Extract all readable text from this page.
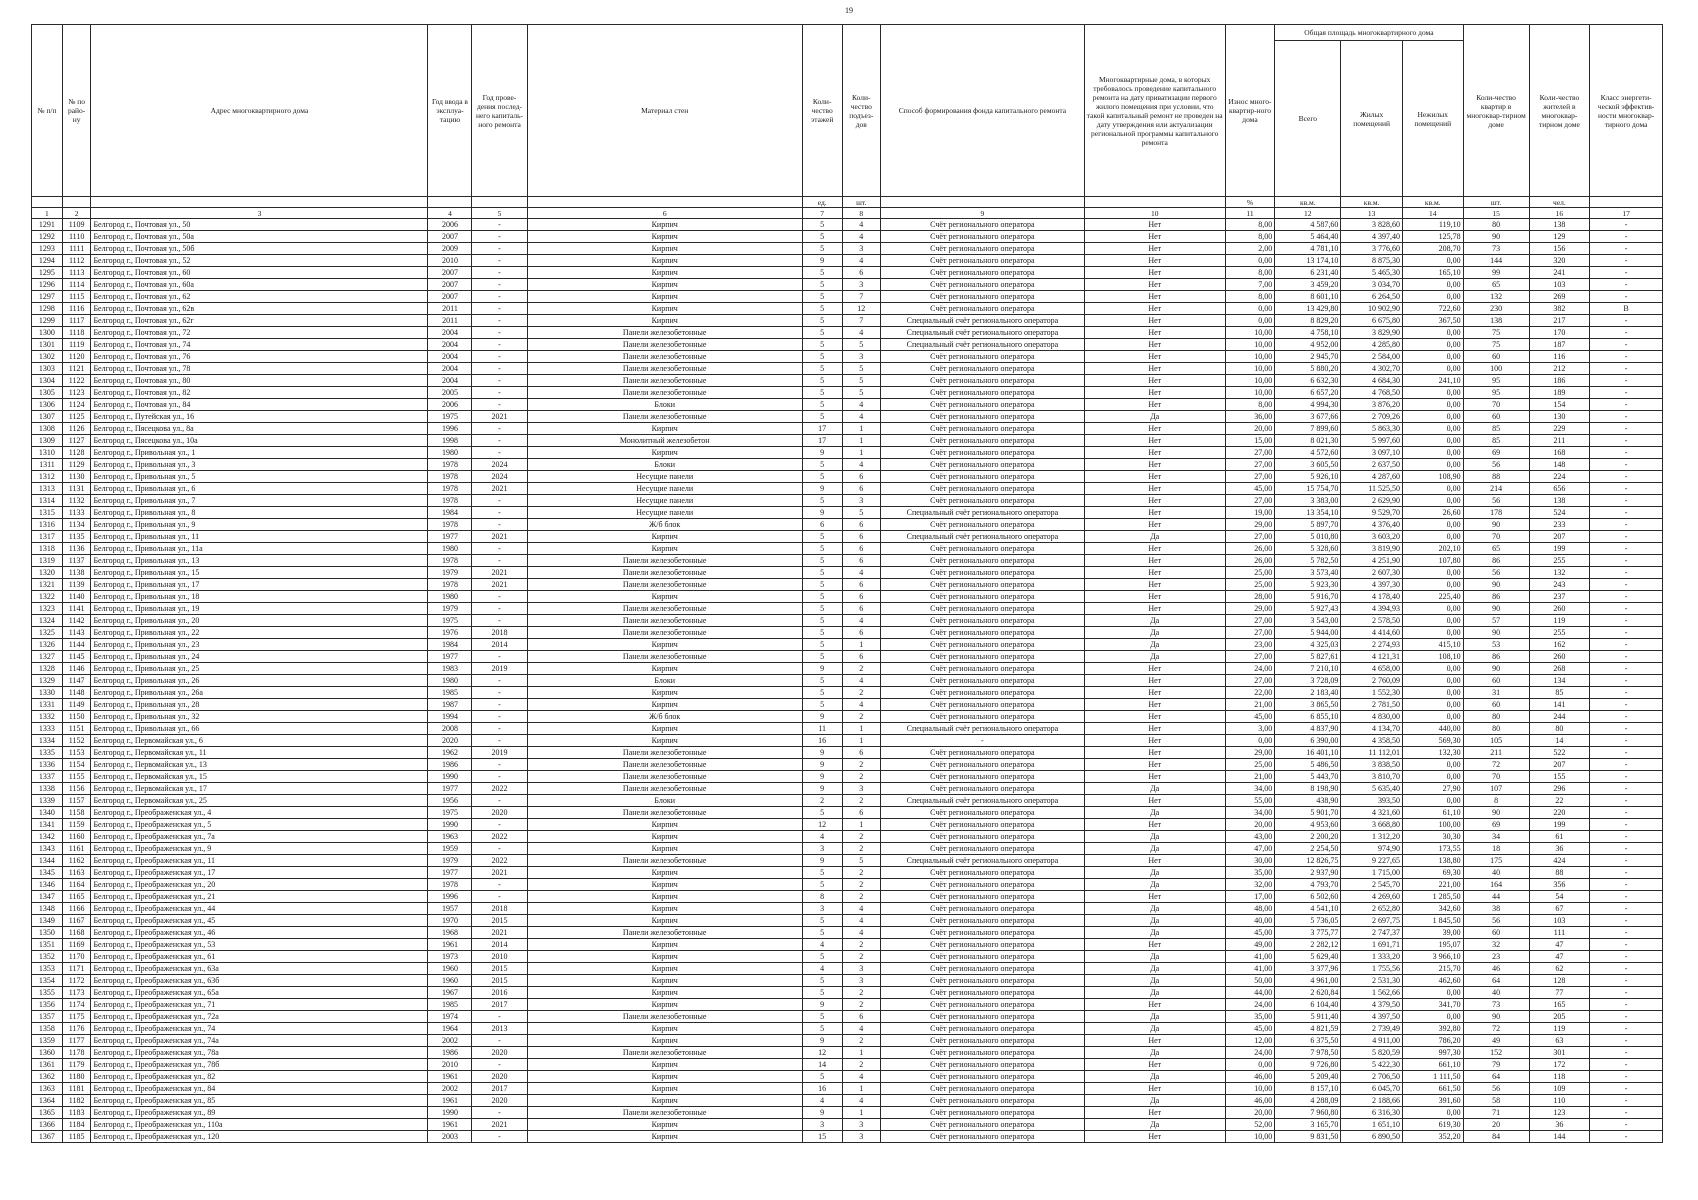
19
№ п/п	№ по райо-ну	Адрес многоквартирного дома	Год ввода в эксплуа-тацию	Год прове-дения послед-него капиталь-ного ремонта	Материал стен	Коли-чество этажей	Коли-чество подъез-дов	Способ формирования фонда капитального ремонта	Многоквартирные дома, в которых требовалось проведение капитального ремонта на дату приватизации первого жилого помещения при условии, что такой капитальный ремонт не проведен на дату утверждения или актуализации региональной программы капитального ремонта	Износ много-квартир-ного дома	Общая площадь многоквартирного дома			Коли-чество квартир в многоквар-тирном доме	Коли-чество жителей в многоквар-тирном доме	Класс энергети-ческой эффектив-ности многоквар-тирного дома
											Всего	Жилых помещений	Нежилых помещений			
						ед.	шт.			%	кв.м.	кв.м.	кв.м.	шт.	чел.	
1	2	3	4	5	6	7	8	9	10	11	12	13	14	15	16	17
1291	1109	Белгород г., Почтовая ул., 50	2006	-	Кирпич	5	4	Счёт регионального оператора	Нет	8,00	4 587,60	3 828,60	119,10	80	138	-
1292	1110	Белгород г., Почтовая ул., 50а	2007	-	Кирпич	5	4	Счёт регионального оператора	Нет	8,00	5 464,40	4 397,40	125,78	90	129	-
1293	1111	Белгород г., Почтовая ул., 50б	2009	-	Кирпич	5	3	Счёт регионального оператора	Нет	2,00	4 781,10	3 776,60	208,70	73	156	-
1294	1112	Белгород г., Почтовая ул., 52	2010	-	Кирпич	9	4	Счёт регионального оператора	Нет	0,00	13 174,10	8 875,30	0,00	144	320	-
1295	1113	Белгород г., Почтовая ул., 60	2007	-	Кирпич	5	6	Счёт регионального оператора	Нет	8,00	6 231,40	5 465,30	165,10	99	241	-
1296	1114	Белгород г., Почтовая ул., 60а	2007	-	Кирпич	5	3	Счёт регионального оператора	Нет	7,00	3 459,20	3 034,70	0,00	65	103	-
1297	1115	Белгород г., Почтовая ул., 62	2007	-	Кирпич	5	7	Счёт регионального оператора	Нет	8,00	8 601,10	6 264,50	0,00	132	269	-
1298	1116	Белгород г., Почтовая ул., 62в	2011	-	Кирпич	5	12	Счёт регионального оператора	Нет	0,00	13 429,80	10 902,90	722,60	230	382	В
1299	1117	Белгород г., Почтовая ул., 62г	2011	-	Кирпич	5	7	Специальный счёт регионального оператора	Нет	0,00	8 829,20	6 675,80	367,50	138	217	-
1300	1118	Белгород г., Почтовая ул., 72	2004	-	Панели железобетонные	5	4	Специальный счёт регионального оператора	Нет	10,00	4 758,10	3 829,90	0,00	75	170	-
1301	1119	Белгород г., Почтовая ул., 74	2004	-	Панели железобетонные	5	5	Специальный счёт регионального оператора	Нет	10,00	4 952,00	4 285,80	0,00	75	187	-
1302	1120	Белгород г., Почтовая ул., 76	2004	-	Панели железобетонные	5	3	Счёт регионального оператора	Нет	10,00	2 945,70	2 584,00	0,00	60	116	-
1303	1121	Белгород г., Почтовая ул., 78	2004	-	Панели железобетонные	5	5	Счёт регионального оператора	Нет	10,00	5 880,20	4 302,70	0,00	100	212	-
1304	1122	Белгород г., Почтовая ул., 80	2004	-	Панели железобетонные	5	5	Счёт регионального оператора	Нет	10,00	6 632,30	4 684,30	241,10	95	186	-
1305	1123	Белгород г., Почтовая ул., 82	2005	-	Панели железобетонные	5	5	Счёт регионального оператора	Нет	10,00	6 657,20	4 768,50	0,00	95	189	-
1306	1124	Белгород г., Почтовая ул., 84	2006	-	Блоки	5	4	Счёт регионального оператора	Нет	8,00	4 994,30	3 876,20	0,00	70	154	-
1307	1125	Белгород г., Путейская ул., 16	1975	2021	Панели железобетонные	5	4	Счёт регионального оператора	Да	36,00	3 677,66	2 709,26	0,00	60	130	-
1308	1126	Белгород г., Пясецкова ул., 8а	1996	-	Кирпич	17	1	Счёт регионального оператора	Нет	20,00	7 899,60	5 863,30	0,00	85	229	-
1309	1127	Белгород г., Пясецкова ул., 10а	1998	-	Монолитный железобетон	17	1	Счёт регионального оператора	Нет	15,00	8 021,30	5 997,60	0,00	85	211	-
1310	1128	Белгород г., Привольная ул., 1	1980	-	Кирпич	9	1	Счёт регионального оператора	Нет	27,00	4 572,60	3 097,10	0,00	69	168	-
1311	1129	Белгород г., Привольная ул., 3	1978	2024	Блоки	5	4	Счёт регионального оператора	Нет	27,00	3 605,50	2 637,50	0,00	56	148	-
1312	1130	Белгород г., Привольная ул., 5	1978	2024	Несущие панели	5	6	Счёт регионального оператора	Нет	27,00	5 926,10	4 287,60	108,90	88	224	-
1313	1131	Белгород г., Привольная ул., 6	1978	2021	Несущие панели	9	6	Счёт регионального оператора	Нет	45,00	15 754,70	11 525,50	0,00	214	656	-
1314	1132	Белгород г., Привольная ул., 7	1978	-	Несущие панели	5	3	Счёт регионального оператора	Нет	27,00	3 383,00	2 629,90	0,00	56	138	-
1315	1133	Белгород г., Привольная ул., 8	1984	-	Несущие панели	9	5	Специальный счёт регионального оператора	Нет	19,00	13 354,10	9 529,70	26,60	178	524	-
1316	1134	Белгород г., Привольная ул., 9	1978	-	Ж/б блок	6	6	Счёт регионального оператора	Нет	29,00	5 897,70	4 376,40	0,00	90	233	-
1317	1135	Белгород г., Привольная ул., 11	1977	2021	Кирпич	5	6	Специальный счёт регионального оператора	Да	27,00	5 010,80	3 603,20	0,00	70	207	-
1318	1136	Белгород г., Привольная ул., 11а	1980	-	Кирпич	5	6	Счёт регионального оператора	Нет	26,00	5 328,60	3 819,90	202,10	65	199	-
1319	1137	Белгород г., Привольная ул., 13	1978	-	Панели железобетонные	5	6	Счёт регионального оператора	Нет	26,00	5 782,50	4 251,90	107,80	86	255	-
1320	1138	Белгород г., Привольная ул., 15	1979	2021	Панели железобетонные	5	4	Счёт регионального оператора	Нет	25,00	3 573,40	2 607,30	0,00	56	132	-
1321	1139	Белгород г., Привольная ул., 17	1978	2021	Панели железобетонные	5	6	Счёт регионального оператора	Нет	25,00	5 923,30	4 397,30	0,00	90	243	-
1322	1140	Белгород г., Привольная ул., 18	1980	-	Кирпич	5	6	Счёт регионального оператора	Нет	28,00	5 916,70	4 178,40	225,40	86	237	-
1323	1141	Белгород г., Привольная ул., 19	1979	-	Панели железобетонные	5	6	Счёт регионального оператора	Нет	29,00	5 927,43	4 394,93	0,00	90	260	-
1324	1142	Белгород г., Привольная ул., 20	1975	-	Панели железобетонные	5	4	Счёт регионального оператора	Да	27,00	3 543,00	2 578,50	0,00	57	119	-
1325	1143	Белгород г., Привольная ул., 22	1976	2018	Панели железобетонные	5	6	Счёт регионального оператора	Да	27,00	5 944,00	4 414,60	0,00	90	255	-
1326	1144	Белгород г., Привольная ул., 23	1984	2014	Кирпич	5	1	Счёт регионального оператора	Да	23,00	4 325,03	2 274,93	415,10	53	162	-
1327	1145	Белгород г., Привольная ул., 24	1977	-	Панели железобетонные	5	6	Счёт регионального оператора	Да	27,00	5 827,61	4 121,31	108,10	86	260	-
1328	1146	Белгород г., Привольная ул., 25	1983	2019	Кирпич	9	2	Счёт регионального оператора	Нет	24,00	7 210,10	4 658,00	0,00	90	268	-
1329	1147	Белгород г., Привольная ул., 26	1980	-	Блоки	5	4	Счёт регионального оператора	Нет	27,00	3 728,09	2 760,09	0,00	60	134	-
1330	1148	Белгород г., Привольная ул., 26а	1985	-	Кирпич	5	2	Счёт регионального оператора	Нет	22,00	2 183,40	1 552,30	0,00	31	85	-
1331	1149	Белгород г., Привольная ул., 28	1987	-	Кирпич	5	4	Счёт регионального оператора	Нет	21,00	3 865,50	2 781,50	0,00	60	141	-
1332	1150	Белгород г., Привольная ул., 32	1994	-	Ж/б блок	9	2	Счёт регионального оператора	Нет	45,00	6 855,10	4 830,00	0,00	80	244	-
1333	1151	Белгород г., Привольная ул., 66	2008	-	Кирпич	11	1	Специальный счёт регионального оператора	Нет	3,00	4 837,90	4 134,70	440,00	80	80	-
1334	1152	Белгород г., Первомайская ул., 6	2020	-	Кирпич	16	1	-	Нет	0,00	6 390,00	4 358,50	569,30	105	14	-
1335	1153	Белгород г., Первомайская ул., 11	1962	2019	Панели железобетонные	9	6	Счёт регионального оператора	Нет	29,00	16 401,10	11 112,01	132,30	211	522	-
1336	1154	Белгород г., Первомайская ул., 13	1986	-	Панели железобетонные	9	2	Счёт регионального оператора	Нет	25,00	5 486,50	3 838,50	0,00	72	207	-
1337	1155	Белгород г., Первомайская ул., 15	1990	-	Панели железобетонные	9	2	Счёт регионального оператора	Нет	21,00	5 443,70	3 810,70	0,00	70	155	-
1338	1156	Белгород г., Первомайская ул., 17	1977	2022	Панели железобетонные	9	3	Счёт регионального оператора	Да	34,00	8 198,90	5 635,40	27,90	107	296	-
1339	1157	Белгород г., Первомайская ул., 25	1956	-	Блоки	2	2	Специальный счёт регионального оператора	Нет	55,00	438,90	393,50	0,00	8	22	-
1340	1158	Белгород г., Преображенская ул., 4	1975	2020	Панели железобетонные	5	6	Счёт регионального оператора	Да	34,00	5 901,70	4 321,60	61,10	90	220	-
1341	1159	Белгород г., Преображенская ул., 5	1990	-	Кирпич	12	1	Счёт регионального оператора	Нет	20,00	4 953,60	3 668,80	100,00	69	199	-
1342	1160	Белгород г., Преображенская ул., 7а	1963	2022	Кирпич	4	2	Счёт регионального оператора	Да	43,00	2 200,20	1 312,20	30,30	34	61	-
1343	1161	Белгород г., Преображенская ул., 9	1959	-	Кирпич	3	2	Счёт регионального оператора	Да	47,00	2 254,50	974,90	173,55	18	36	-
1344	1162	Белгород г., Преображенская ул., 11	1979	2022	Панели железобетонные	9	5	Специальный счёт регионального оператора	Нет	30,00	12 826,75	9 227,65	138,80	175	424	-
1345	1163	Белгород г., Преображенская ул., 17	1977	2021	Кирпич	5	2	Счёт регионального оператора	Да	35,00	2 937,90	1 715,00	69,30	40	88	-
1346	1164	Белгород г., Преображенская ул., 20	1978	-	Кирпич	5	2	Счёт регионального оператора	Да	32,00	4 793,70	2 545,70	221,00	164	356	-
1347	1165	Белгород г., Преображенская ул., 21	1996	-	Кирпич	8	2	Счёт регионального оператора	Нет	17,00	6 502,60	4 269,60	1 285,50	44	54	-
1348	1166	Белгород г., Преображенская ул., 44	1957	2018	Кирпич	3	4	Счёт регионального оператора	Да	48,00	4 541,10	2 652,80	342,60	38	67	-
1349	1167	Белгород г., Преображенская ул., 45	1970	2015	Кирпич	5	4	Счёт регионального оператора	Да	40,00	5 736,05	2 697,75	1 845,50	56	103	-
1350	1168	Белгород г., Преображенская ул., 46	1968	2021	Панели железобетонные	5	4	Счёт регионального оператора	Да	45,00	3 775,77	2 747,37	39,00	60	111	-
1351	1169	Белгород г., Преображенская ул., 53	1961	2014	Кирпич	4	2	Счёт регионального оператора	Нет	49,00	2 282,12	1 691,71	195,07	32	47	-
1352	1170	Белгород г., Преображенская ул., 61	1973	2010	Кирпич	5	2	Счёт регионального оператора	Да	41,00	5 629,40	1 333,20	3 966,10	23	47	-
1353	1171	Белгород г., Преображенская ул., 63а	1960	2015	Кирпич	4	3	Счёт регионального оператора	Да	41,00	3 377,96	1 755,56	215,70	46	62	-
1354	1172	Белгород г., Преображенская ул., 63б	1960	2015	Кирпич	5	3	Счёт регионального оператора	Да	50,00	4 961,00	2 531,30	462,60	64	128	-
1355	1173	Белгород г., Преображенская ул., 65а	1967	2016	Кирпич	5	2	Счёт регионального оператора	Да	44,00	2 620,84	1 562,66	0,00	40	77	-
1356	1174	Белгород г., Преображенская ул., 71	1985	2017	Кирпич	9	2	Счёт регионального оператора	Нет	24,00	6 104,40	4 379,50	341,70	73	165	-
1357	1175	Белгород г., Преображенская ул., 72а	1974	-	Панели железобетонные	5	6	Счёт регионального оператора	Да	35,00	5 911,40	4 397,50	0,00	90	205	-
1358	1176	Белгород г., Преображенская ул., 74	1964	2013	Кирпич	5	4	Счёт регионального оператора	Да	45,00	4 821,59	2 739,49	392,80	72	119	-
1359	1177	Белгород г., Преображенская ул., 74а	2002	-	Кирпич	9	2	Счёт регионального оператора	Нет	12,00	6 375,50	4 911,00	786,20	49	63	-
1360	1178	Белгород г., Преображенская ул., 78а	1986	2020	Панели железобетонные	12	1	Счёт регионального оператора	Да	24,00	7 978,50	5 820,59	997,30	152	301	-
1361	1179	Белгород г., Преображенская ул., 78б	2010	-	Кирпич	14	2	Счёт регионального оператора	Нет	0,00	9 726,80	5 422,30	661,10	79	172	-
1362	1180	Белгород г., Преображенская ул., 82	1961	2020	Кирпич	5	4	Счёт регионального оператора	Да	46,00	5 209,40	2 706,50	1 111,50	64	118	-
1363	1181	Белгород г., Преображенская ул., 84	2002	2017	Кирпич	16	1	Счёт регионального оператора	Нет	10,00	8 157,10	6 045,70	661,50	56	109	-
1364	1182	Белгород г., Преображенская ул., 85	1961	2020	Кирпич	4	4	Счёт регионального оператора	Да	46,00	4 288,09	2 188,66	391,60	58	110	-
1365	1183	Белгород г., Преображенская ул., 89	1990	-	Панели железобетонные	9	1	Счёт регионального оператора	Нет	20,00	7 960,80	6 316,30	0,00	71	123	-
1366	1184	Белгород г., Преображенская ул., 110а	1961	2021	Кирпич	3	3	Счёт регионального оператора	Да	52,00	3 165,70	1 651,10	619,30	20	36	-
1367	1185	Белгород г., Преображенская ул., 120	2003	-	Кирпич	15	3	Счёт регионального оператора	Нет	10,00	9 831,50	6 890,50	352,20	84	144	-
